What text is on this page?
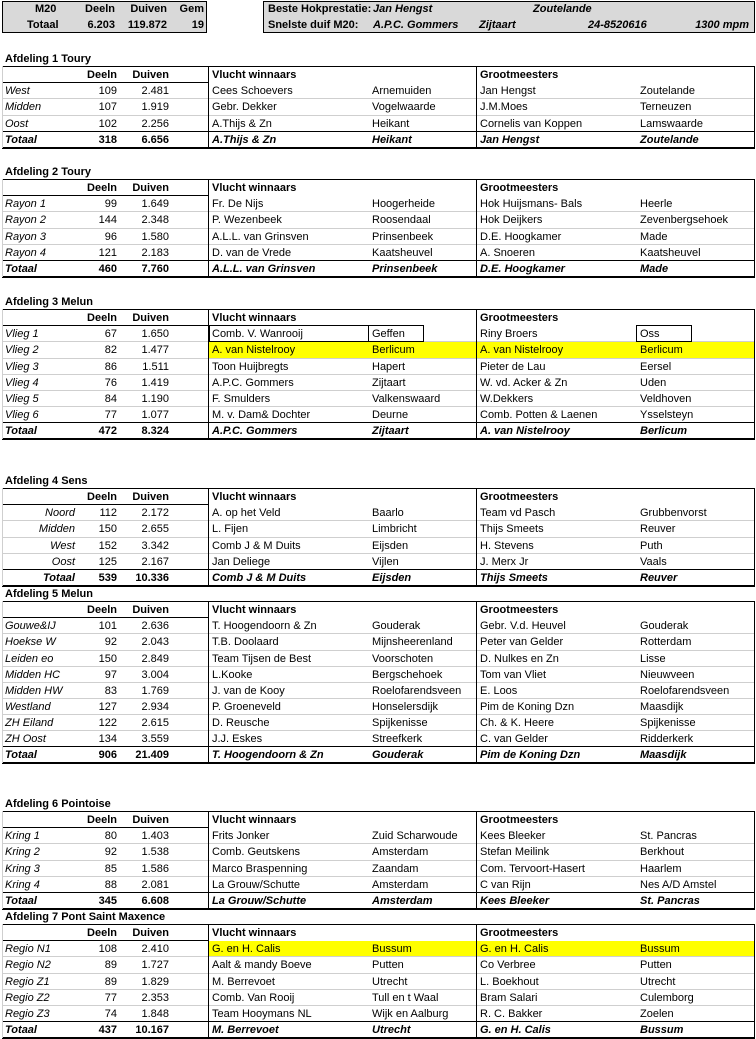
M20	Deeln	Duiven	Gem
Totaal	6.203	119.872	19
Beste Hokprestatie: Jan Hengst	Zoutelande
Snelste duif M20:	A.P.C. Gommers	Zijtaart	24-8520616	1300 mpm
Afdeling 1 Toury
Deeln	Duiven	Vlucht winnaars	Grootmeesters
West	109	2.481	Cees Schoevers	Arnemuiden	Jan Hengst	Zoutelande
Midden	107	1.919	Gebr. Dekker	Vogelwaarde	J.M.Moes	Terneuzen
Oost	102	2.256	A.Thijs & Zn	Heikant	Cornelis van Koppen	Lamswaarde
Totaal	318	6.656	A.Thijs & Zn	Heikant	Jan Hengst	Zoutelande
Afdeling 2 Toury
Deeln	Duiven	Vlucht winnaars	Grootmeesters
Rayon 1	99	1.649	Fr. De Nijs	Hoogerheide	Hok Huijsmans- Bals	Heerle
Rayon 2	144	2.348	P. Wezenbeek	Roosendaal	Hok Deijkers	Zevenbergsehoek
Rayon 3	96	1.580	A.L.L. van Grinsven	Prinsenbeek	D.E. Hoogkamer	Made
Rayon 4	121	2.183	D. van de Vrede	Kaatsheuvel	A. Snoeren	Kaatsheuvel
Totaal	460	7.760	A.L.L. van Grinsven	Prinsenbeek	D.E. Hoogkamer	Made
Afdeling 3 Melun
Deeln	Duiven	Vlucht winnaars	Grootmeesters
Vlieg 1	67	1.650	Comb. V. Wanrooij	Geffen	Riny Broers	Oss
Vlieg 2	82	1.477	A. van Nistelrooy	Berlicum	A. van Nistelrooy	Berlicum
Vlieg 3	86	1.511	Toon Huijbregts	Hapert	Pieter de Lau	Eersel
Vlieg 4	76	1.419	A.P.C. Gommers	Zijtaart	W. vd. Acker & Zn	Uden
Vlieg 5	84	1.190	F. Smulders	Valkenswaard	W.Dekkers	Veldhoven
Vlieg 6	77	1.077	M. v. Dam& Dochter	Deurne	Comb. Potten & Laenen	Ysselsteyn
Totaal	472	8.324	A.P.C. Gommers	Zijtaart	A. van Nistelrooy	Berlicum
Afdeling 4 Sens
Deeln	Duiven	Vlucht winnaars	Grootmeesters
Noord	112	2.172	A. op het Veld	Baarlo	Team vd Pasch	Grubbenvorst
Midden	150	2.655	L. Fijen	Limbricht	Thijs Smeets	Reuver
West	152	3.342	Comb J & M Duits	Eijsden	H. Stevens	Puth
Oost	125	2.167	Jan Deliege	Vijlen	J. Merx Jr	Vaals
Totaal	539	10.336	Comb J & M Duits	Eijsden	Thijs Smeets	Reuver
Afdeling 5 Melun
Deeln	Duiven	Vlucht winnaars	Grootmeesters
Gouwe&IJ	101	2.636	T. Hoogendoorn & Zn	Gouderak	Gebr. V.d. Heuvel	Gouderak
Hoekse W	92	2.043	T.B. Doolaard	Mijnsheerenland	Peter van Gelder	Rotterdam
Leiden eo	150	2.849	Team Tijsen de Best	Voorschoten	D. Nulkes en Zn	Lisse
Midden HC	97	3.004	L.Kooke	Bergschehoek	Tom van Vliet	Nieuwveen
Midden HW	83	1.769	J. van de Kooy	Roelofarendsveen	E. Loos	Roelofarendsveen
Westland	127	2.934	P. Groeneveld	Honselersdijk	Pim de Koning Dzn	Maasdijk
ZH Eiland	122	2.615	D. Reusche	Spijkenisse	Ch. & K. Heere	Spijkenisse
ZH Oost	134	3.559	J.J. Eskes	Streefkerk	C. van Gelder	Ridderkerk
Totaal	906	21.409	T. Hoogendoorn & Zn	Gouderak	Pim de Koning Dzn	Maasdijk
Afdeling 6 Pointoise
Deeln	Duiven	Vlucht winnaars	Grootmeesters
Kring 1	80	1.403	Frits Jonker	Zuid Scharwoude	Kees Bleeker	St. Pancras
Kring 2	92	1.538	Comb. Geutskens	Amsterdam	Stefan Meilink	Berkhout
Kring 3	85	1.586	Marco Braspenning	Zaandam	Com. Tervoort-Hasert	Haarlem
Kring 4	88	2.081	La Grouw/Schutte	Amsterdam	C van Rijn	Nes A/D Amstel
Totaal	345	6.608	La Grouw/Schutte	Amsterdam	Kees Bleeker	St. Pancras
Afdeling 7 Pont Saint Maxence
Deeln	Duiven	Vlucht winnaars	Grootmeesters
Regio N1	108	2.410	G. en H. Calis	Bussum	G. en H. Calis	Bussum
Regio N2	89	1.727	Aalt & mandy Boeve	Putten	Co Verbree	Putten
Regio Z1	89	1.829	M. Berrevoet	Utrecht	L. Boekhout	Utrecht
Regio Z2	77	2.353	Comb. Van Rooij	Tull en t Waal	Bram Salari	Culemborg
Regio Z3	74	1.848	Team Hooymans NL	Wijk en Aalburg	R. C. Bakker	Zoelen
Totaal	437	10.167	M. Berrevoet	Utrecht	G. en H. Calis	Bussum
